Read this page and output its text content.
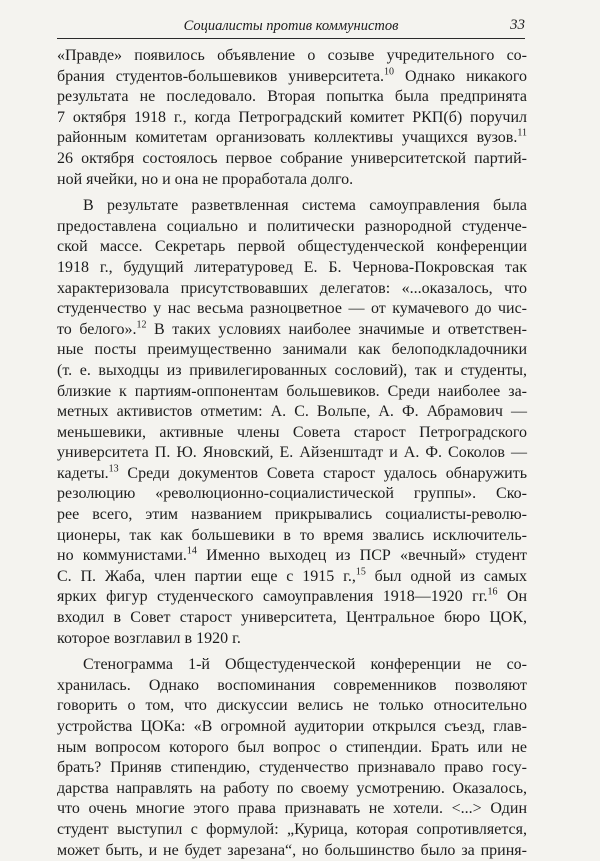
Социалисты против коммунистов	33
«Правде» появилось объявление о созыве учредительного со-
брания студентов-большевиков университета.$^{10}$ Однако никакого
результата не последовало. Вторая попытка была предпринята
7 октября 1918 г., когда Петроградский комитет РКП(б) поручил
районным комитетам организовать коллективы учащихся вузов.$^{11}$
26 октября состоялось первое собрание университетской партий-
ной ячейки, но и она не проработала долго.
В результате разветвленная система самоуправления была
предоставлена социально и политически разнородной студенче-
ской массе. Секретарь первой общестуденческой конференции
1918 г., будущий литературовед Е. Б. Чернова-Покровская так
характеризовала присутствовавших делегатов: «...оказалось, что
студенчество у нас весьма разноцветное — от кумачевого до чис-
то белого».$^{12}$ В таких условиях наиболее значимые и ответствен-
ные посты преимущественно занимали как белоподкладочники
(т. е. выходцы из привилегированных сословий), так и студенты,
близкие к партиям-оппонентам большевиков. Среди наиболее за-
метных активистов отметим: А. С. Вольпе, А. Ф. Абрамович —
меньшевики, активные члены Совета старост Петроградского
университета П. Ю. Яновский, Е. Айзенштадт и А. Ф. Соколов —
кадеты.$^{13}$ Среди документов Совета старост удалось обнаружить
резолюцию «революционно-социалистической группы». Ско-
рее всего, этим названием прикрывались социалисты-револю-
ционеры, так как большевики в то время звались исключитель-
но коммунистами.$^{14}$ Именно выходец из ПСР «вечный» студент
С. П. Жаба, член партии еще с 1915 г.,$^{15}$ был одной из самых
ярких фигур студенческого самоуправления 1918—1920 гг.$^{16}$ Он
входил в Совет старост университета, Центральное бюро ЦОК,
которое возглавил в 1920 г.
Стенограмма 1-й Общестуденческой конференции не со-
хранилась. Однако воспоминания современников позволяют
говорить о том, что дискуссии велись не только относительно
устройства ЦОКа: «В огромной аудитории открылся съезд, глав-
ным вопросом которого был вопрос о стипендии. Брать или не
брать? Приняв стипендию, студенчество признавало право госу-
дарства направлять на работу по своему усмотрению. Оказалось,
что очень многие этого права признавать не хотели. <...> Один
студент выступил с формулой: „Курица, которая сопротивляется,
может быть, и не будет зарезана“, но большинство было за приня-
